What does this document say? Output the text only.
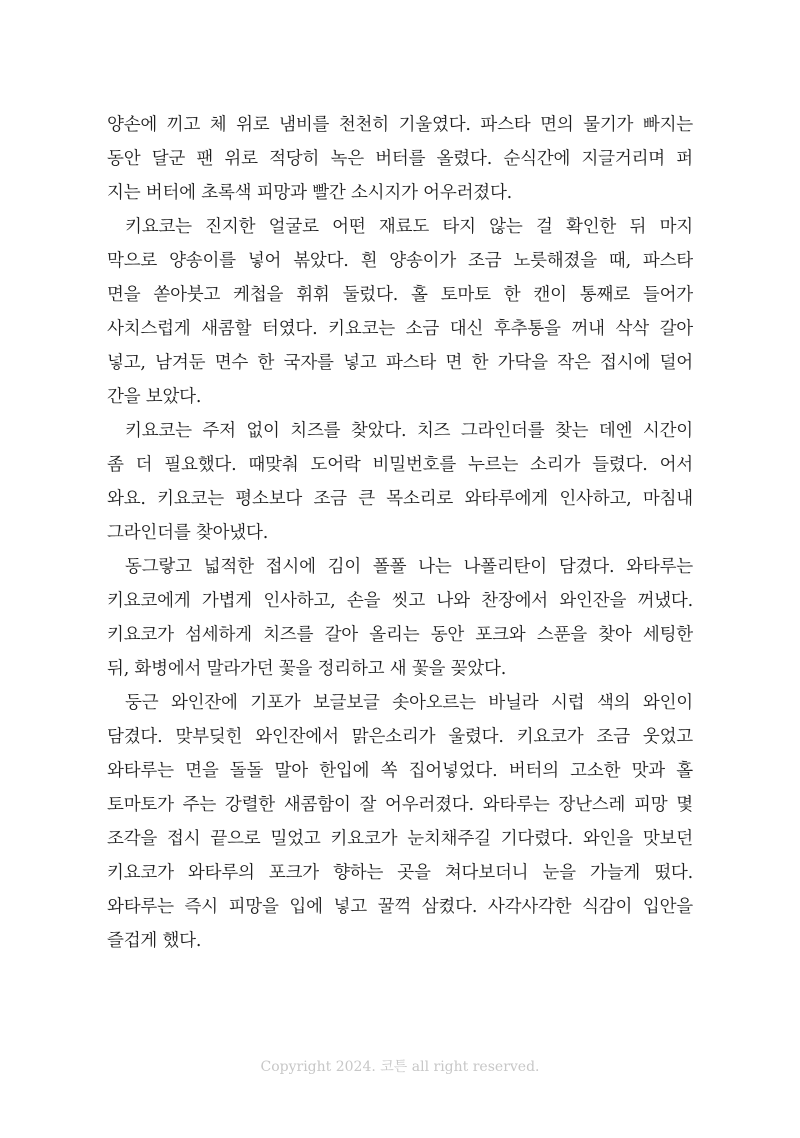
양손에 끼고 체 위로 냄비를 천천히 기울였다. 파스타 면의 물기가 빠지는
동안 달군 팬 위로 적당히 녹은 버터를 올렸다. 순식간에 지글거리며 퍼
지는 버터에 초록색 피망과 빨간 소시지가 어우러졌다.
키요코는 진지한 얼굴로 어떤 재료도 타지 않는 걸 확인한 뒤 마지
막으로 양송이를 넣어 볶았다. 흰 양송이가 조금 노릇해졌을 때, 파스타
면을 쏟아붓고 케첩을 휘휘 둘렀다. 홀 토마토 한 캔이 통째로 들어가
사치스럽게 새콤할 터였다. 키요코는 소금 대신 후추통을 꺼내 삭삭 갈아
넣고, 남겨둔 면수 한 국자를 넣고 파스타 면 한 가닥을 작은 접시에 덜어
간을 보았다.
키요코는 주저 없이 치즈를 찾았다. 치즈 그라인더를 찾는 데엔 시간이
좀 더 필요했다. 때맞춰 도어락 비밀번호를 누르는 소리가 들렸다. 어서
와요. 키요코는 평소보다 조금 큰 목소리로 와타루에게 인사하고, 마침내
그라인더를 찾아냈다.
동그랗고 넓적한 접시에 김이 폴폴 나는 나폴리탄이 담겼다. 와타루는
키요코에게 가볍게 인사하고, 손을 씻고 나와 찬장에서 와인잔을 꺼냈다.
키요코가 섬세하게 치즈를 갈아 올리는 동안 포크와 스푼을 찾아 세팅한
뒤, 화병에서 말라가던 꽃을 정리하고 새 꽃을 꽂았다.
둥근 와인잔에 기포가 보글보글 솟아오르는 바닐라 시럽 색의 와인이
담겼다. 맞부딪힌 와인잔에서 맑은소리가 울렸다. 키요코가 조금 웃었고
와타루는 면을 돌돌 말아 한입에 쏙 집어넣었다. 버터의 고소한 맛과 홀
토마토가 주는 강렬한 새콤함이 잘 어우러졌다. 와타루는 장난스레 피망 몇
조각을 접시 끝으로 밀었고 키요코가 눈치채주길 기다렸다. 와인을 맛보던
키요코가 와타루의 포크가 향하는 곳을 쳐다보더니 눈을 가늘게 떴다.
와타루는 즉시 피망을 입에 넣고 꿀꺽 삼켰다. 사각사각한 식감이 입안을
즐겁게 했다.
Copyright 2024. 코튼 all right reserved.
